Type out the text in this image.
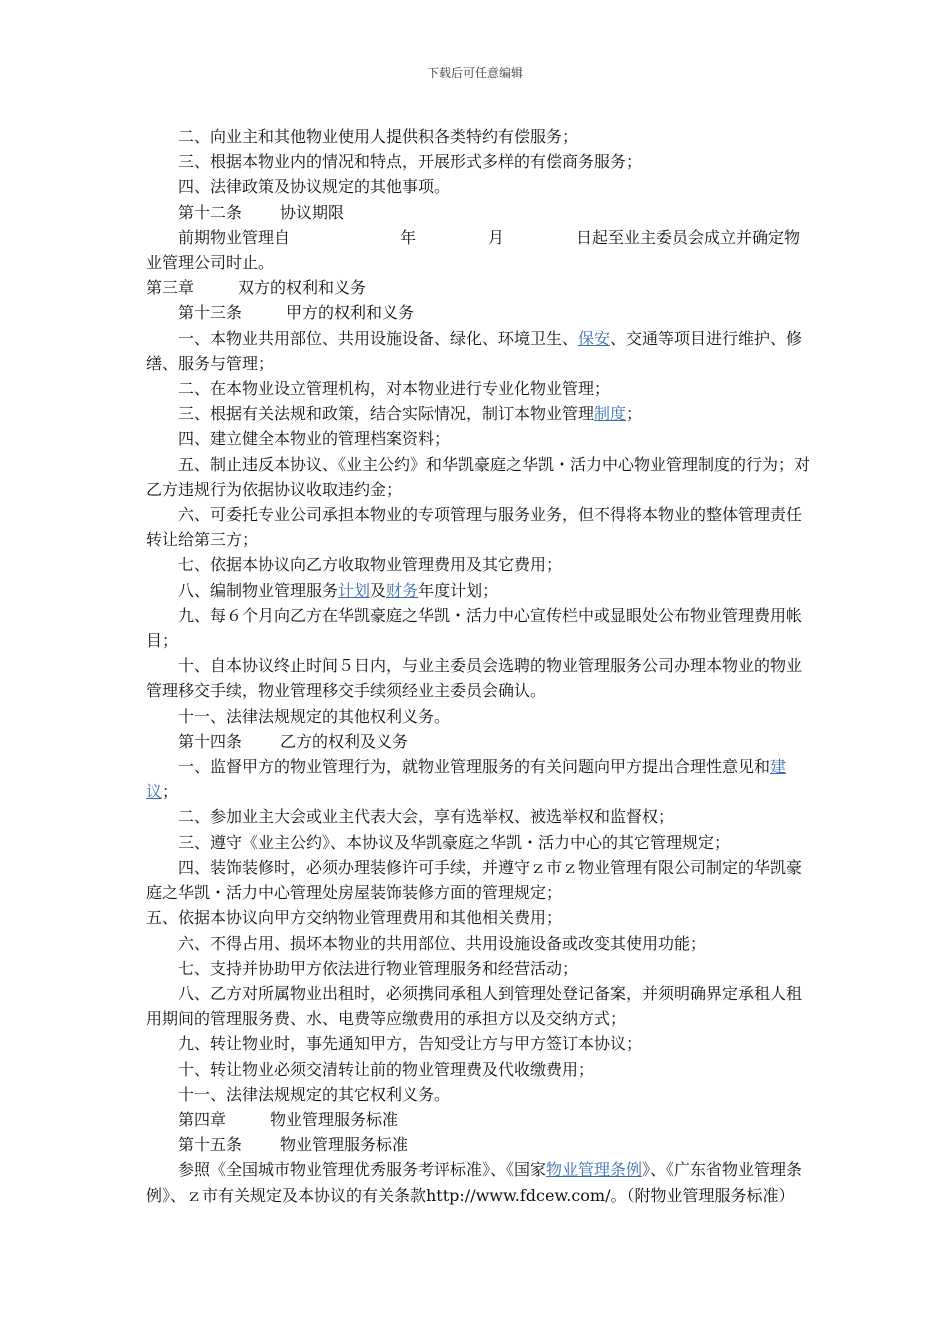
下载后可任意编辑

二、向业主和其他物业使用人提供积各类特约有偿服务；

三、根据本物业内的情况和特点，开展形式多样的有偿商务服务；

四、法律政策及协议规定的其他事项。

第十二条 协议期限

前期物业管理自	年	月	日起至业主委员会成立并确定物业管理公司时止。

第三章	双方的权利和义务

第十三条	甲方的权利和义务

一、本物业共用部位、共用设施设备、绿化、环境卫生、保安、交通等项目进行维护、修缮、服务与管理；

二、在本物业设立管理机构，对本物业进行专业化物业管理；

三、根据有关法规和政策，结合实际情况，制订本物业管理制度；

四、建立健全本物业的管理档案资料；

五、制止违反本协议、《业主公约》和华凯豪庭之华凯・活力中心物业管理制度的行为；对乙方违规行为依据协议收取违约金；

六、可委托专业公司承担本物业的专项管理与服务业务，但不得将本物业的整体管理责任转让给第三方；

七、依据本协议向乙方收取物业管理费用及其它费用；

八、编制物业管理服务计划及财务年度计划；

九、每６个月向乙方在华凯豪庭之华凯・活力中心宣传栏中或显眼处公布物业管理费用帐目；

十、自本协议终止时间５日内，与业主委员会选聘的物业管理服务公司办理本物业的物业管理移交手续，物业管理移交手续须经业主委员会确认。

十一、法律法规规定的其他权利义务。

第十四条 乙方的权利及义务

一、监督甲方的物业管理行为，就物业管理服务的有关问题向甲方提出合理性意见和建议；

二、参加业主大会或业主代表大会，享有选举权、被选举权和监督权；

三、遵守《业主公约》、本协议及华凯豪庭之华凯・活力中心的其它管理规定；

四、装饰装修时，必须办理装修许可手续，并遵守ｚ市ｚ物业管理有限公司制定的华凯豪庭之华凯・活力中心管理处房屋装饰装修方面的管理规定；

五、依据本协议向甲方交纳物业管理费用和其他相关费用；

六、不得占用、损坏本物业的共用部位、共用设施设备或改变其使用功能；

七、支持并协助甲方依法进行物业管理服务和经营活动；

八、乙方对所属物业出租时，必须携同承租人到管理处登记备案，并须明确界定承租人租用期间的管理服务费、水、电费等应缴费用的承担方以及交纳方式；

九、转让物业时，事先通知甲方，告知受让方与甲方签订本协议；

十、转让物业必须交清转让前的物业管理费及代收缴费用；

十一、法律法规规定的其它权利义务。

第四章	物业管理服务标准

第十五条 物业管理服务标准

参照《全国城市物业管理优秀服务考评标准》、《国家物业管理条例》、《广东省物业管理条例》、ｚ市有关规定及本协议的有关条款http://www.fdcew.com/。（附物业管理服务标准）
